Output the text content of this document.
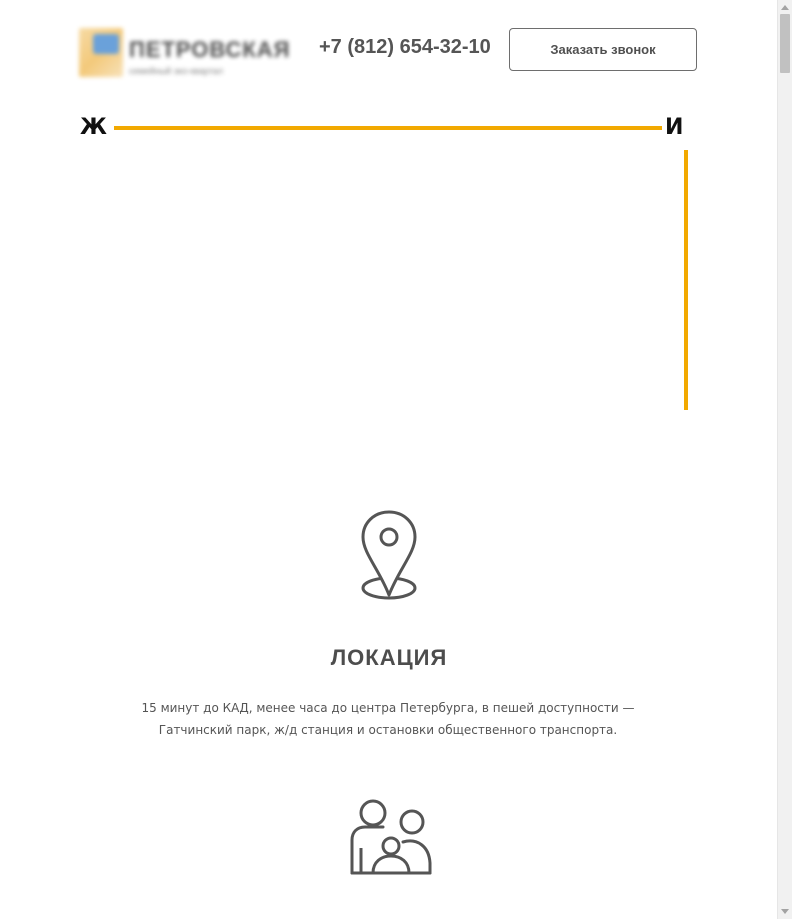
ПЕТРОВСКАЯ
семейный эко-квартал
+7 (812) 654-32-10	Заказать звонок
Ж	И
ЛОКАЦИЯ

15 минут до КАД, менее часа до центра Петербурга, в пешей доступности — Гатчинский парк, ж/д станция и остановки общественного транспорта.
